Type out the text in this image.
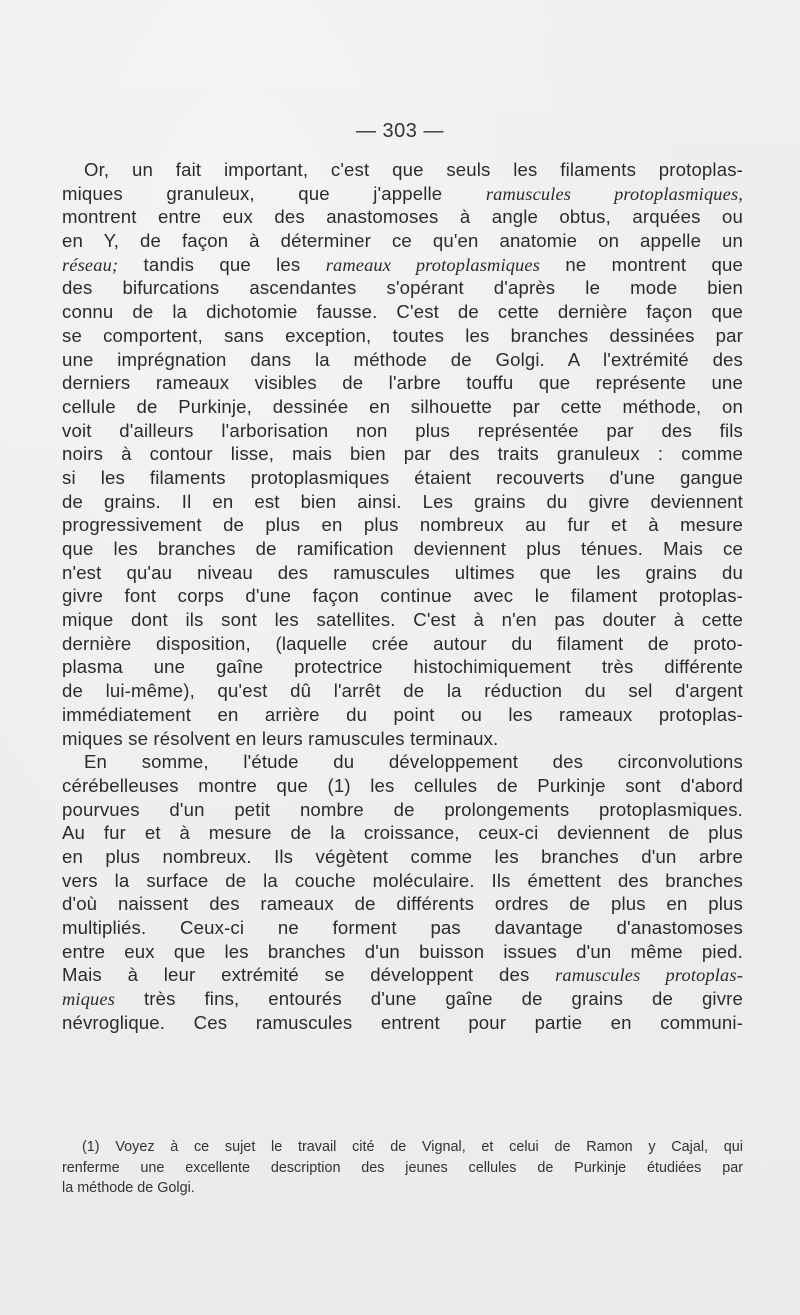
— 303 —
Or, un fait important, c'est que seuls les filaments protoplas-
miques granuleux, que j'appelle ramuscules protoplasmiques,
montrent entre eux des anastomoses à angle obtus, arquées ou
en Y, de façon à déterminer ce qu'en anatomie on appelle un
réseau; tandis que les rameaux protoplasmiques ne montrent que
des bifurcations ascendantes s'opérant d'après le mode bien
connu de la dichotomie fausse. C'est de cette dernière façon que
se comportent, sans exception, toutes les branches dessinées par
une imprégnation dans la méthode de Golgi. A l'extrémité des
derniers rameaux visibles de l'arbre touffu que représente une
cellule de Purkinje, dessinée en silhouette par cette méthode, on
voit d'ailleurs l'arborisation non plus représentée par des fils
noirs à contour lisse, mais bien par des traits granuleux : comme
si les filaments protoplasmiques étaient recouverts d'une gangue
de grains. Il en est bien ainsi. Les grains du givre deviennent
progressivement de plus en plus nombreux au fur et à mesure
que les branches de ramification deviennent plus ténues. Mais ce
n'est qu'au niveau des ramuscules ultimes que les grains du
givre font corps d'une façon continue avec le filament protoplas-
mique dont ils sont les satellites. C'est à n'en pas douter à cette
dernière disposition, (laquelle crée autour du filament de proto-
plasma une gaîne protectrice histochimiquement très différente
de lui-même), qu'est dû l'arrêt de la réduction du sel d'argent
immédiatement en arrière du point ou les rameaux protoplas-
miques se résolvent en leurs ramuscules terminaux.
En somme, l'étude du développement des circonvolutions
cérébelleuses montre que (1) les cellules de Purkinje sont d'abord
pourvues d'un petit nombre de prolongements protoplasmiques.
Au fur et à mesure de la croissance, ceux-ci deviennent de plus
en plus nombreux. Ils végètent comme les branches d'un arbre
vers la surface de la couche moléculaire. Ils émettent des branches
d'où naissent des rameaux de différents ordres de plus en plus
multipliés. Ceux-ci ne forment pas davantage d'anastomoses
entre eux que les branches d'un buisson issues d'un même pied.
Mais à leur extrémité se développent des ramuscules protoplas-
miques très fins, entourés d'une gaîne de grains de givre
névroglique. Ces ramuscules entrent pour partie en communi-
(1) Voyez à ce sujet le travail cité de Vignal, et celui de Ramon y Cajal, qui
renferme une excellente description des jeunes cellules de Purkinje étudiées par
la méthode de Golgi.
